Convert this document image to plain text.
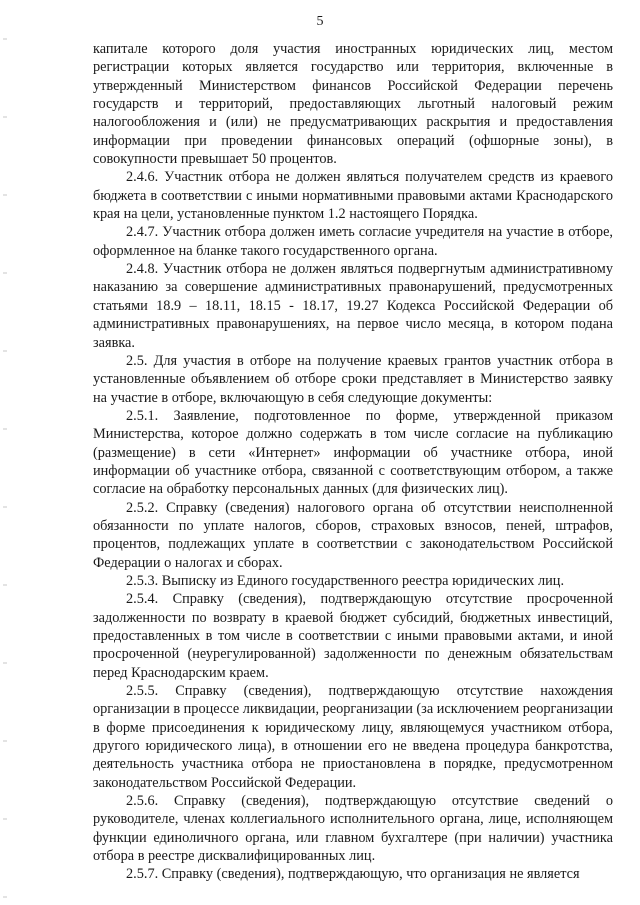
5

капитале которого доля участия иностранных юридических лиц, местом регистрации которых является государство или территория, включенные в утвержденный Министерством финансов Российской Федерации перечень государств и территорий, предоставляющих льготный налоговый режим налогообложения и (или) не предусматривающих раскрытия и предоставления информации при проведении финансовых операций (офшорные зоны), в совокупности превышает 50 процентов.

2.4.6. Участник отбора не должен являться получателем средств из краевого бюджета в соответствии с иными нормативными правовыми актами Краснодарского края на цели, установленные пунктом 1.2 настоящего Порядка.

2.4.7. Участник отбора должен иметь согласие учредителя на участие в отборе, оформленное на бланке такого государственного органа.

2.4.8. Участник отбора не должен являться подвергнутым административному наказанию за совершение административных правонарушений, предусмотренных статьями 18.9 – 18.11, 18.15 - 18.17, 19.27 Кодекса Российской Федерации об административных правонарушениях, на первое число месяца, в котором подана заявка.

2.5. Для участия в отборе на получение краевых грантов участник отбора в установленные объявлением об отборе сроки представляет в Министерство заявку на участие в отборе, включающую в себя следующие документы:

2.5.1. Заявление, подготовленное по форме, утвержденной приказом Министерства, которое должно содержать в том числе согласие на публикацию (размещение) в сети «Интернет» информации об участнике отбора, иной информации об участнике отбора, связанной с соответствующим отбором, а также согласие на обработку персональных данных (для физических лиц).

2.5.2. Справку (сведения) налогового органа об отсутствии неисполненной обязанности по уплате налогов, сборов, страховых взносов, пеней, штрафов, процентов, подлежащих уплате в соответствии с законодательством Российской Федерации о налогах и сборах.

2.5.3. Выписку из Единого государственного реестра юридических лиц.

2.5.4. Справку (сведения), подтверждающую отсутствие просроченной задолженности по возврату в краевой бюджет субсидий, бюджетных инвестиций, предоставленных в том числе в соответствии с иными правовыми актами, и иной просроченной (неурегулированной) задолженности по денежным обязательствам перед Краснодарским краем.

2.5.5. Справку (сведения), подтверждающую отсутствие нахождения организации в процессе ликвидации, реорганизации (за исключением реорганизации в форме присоединения к юридическому лицу, являющемуся участником отбора, другого юридического лица), в отношении его не введена процедура банкротства, деятельность участника отбора не приостановлена в порядке, предусмотренном законодательством Российской Федерации.

2.5.6. Справку (сведения), подтверждающую отсутствие сведений о руководителе, членах коллегиального исполнительного органа, лице, исполняющем функции единоличного органа, или главном бухгалтере (при наличии) участника отбора в реестре дисквалифицированных лиц.

2.5.7. Справку (сведения), подтверждающую, что организация не является
